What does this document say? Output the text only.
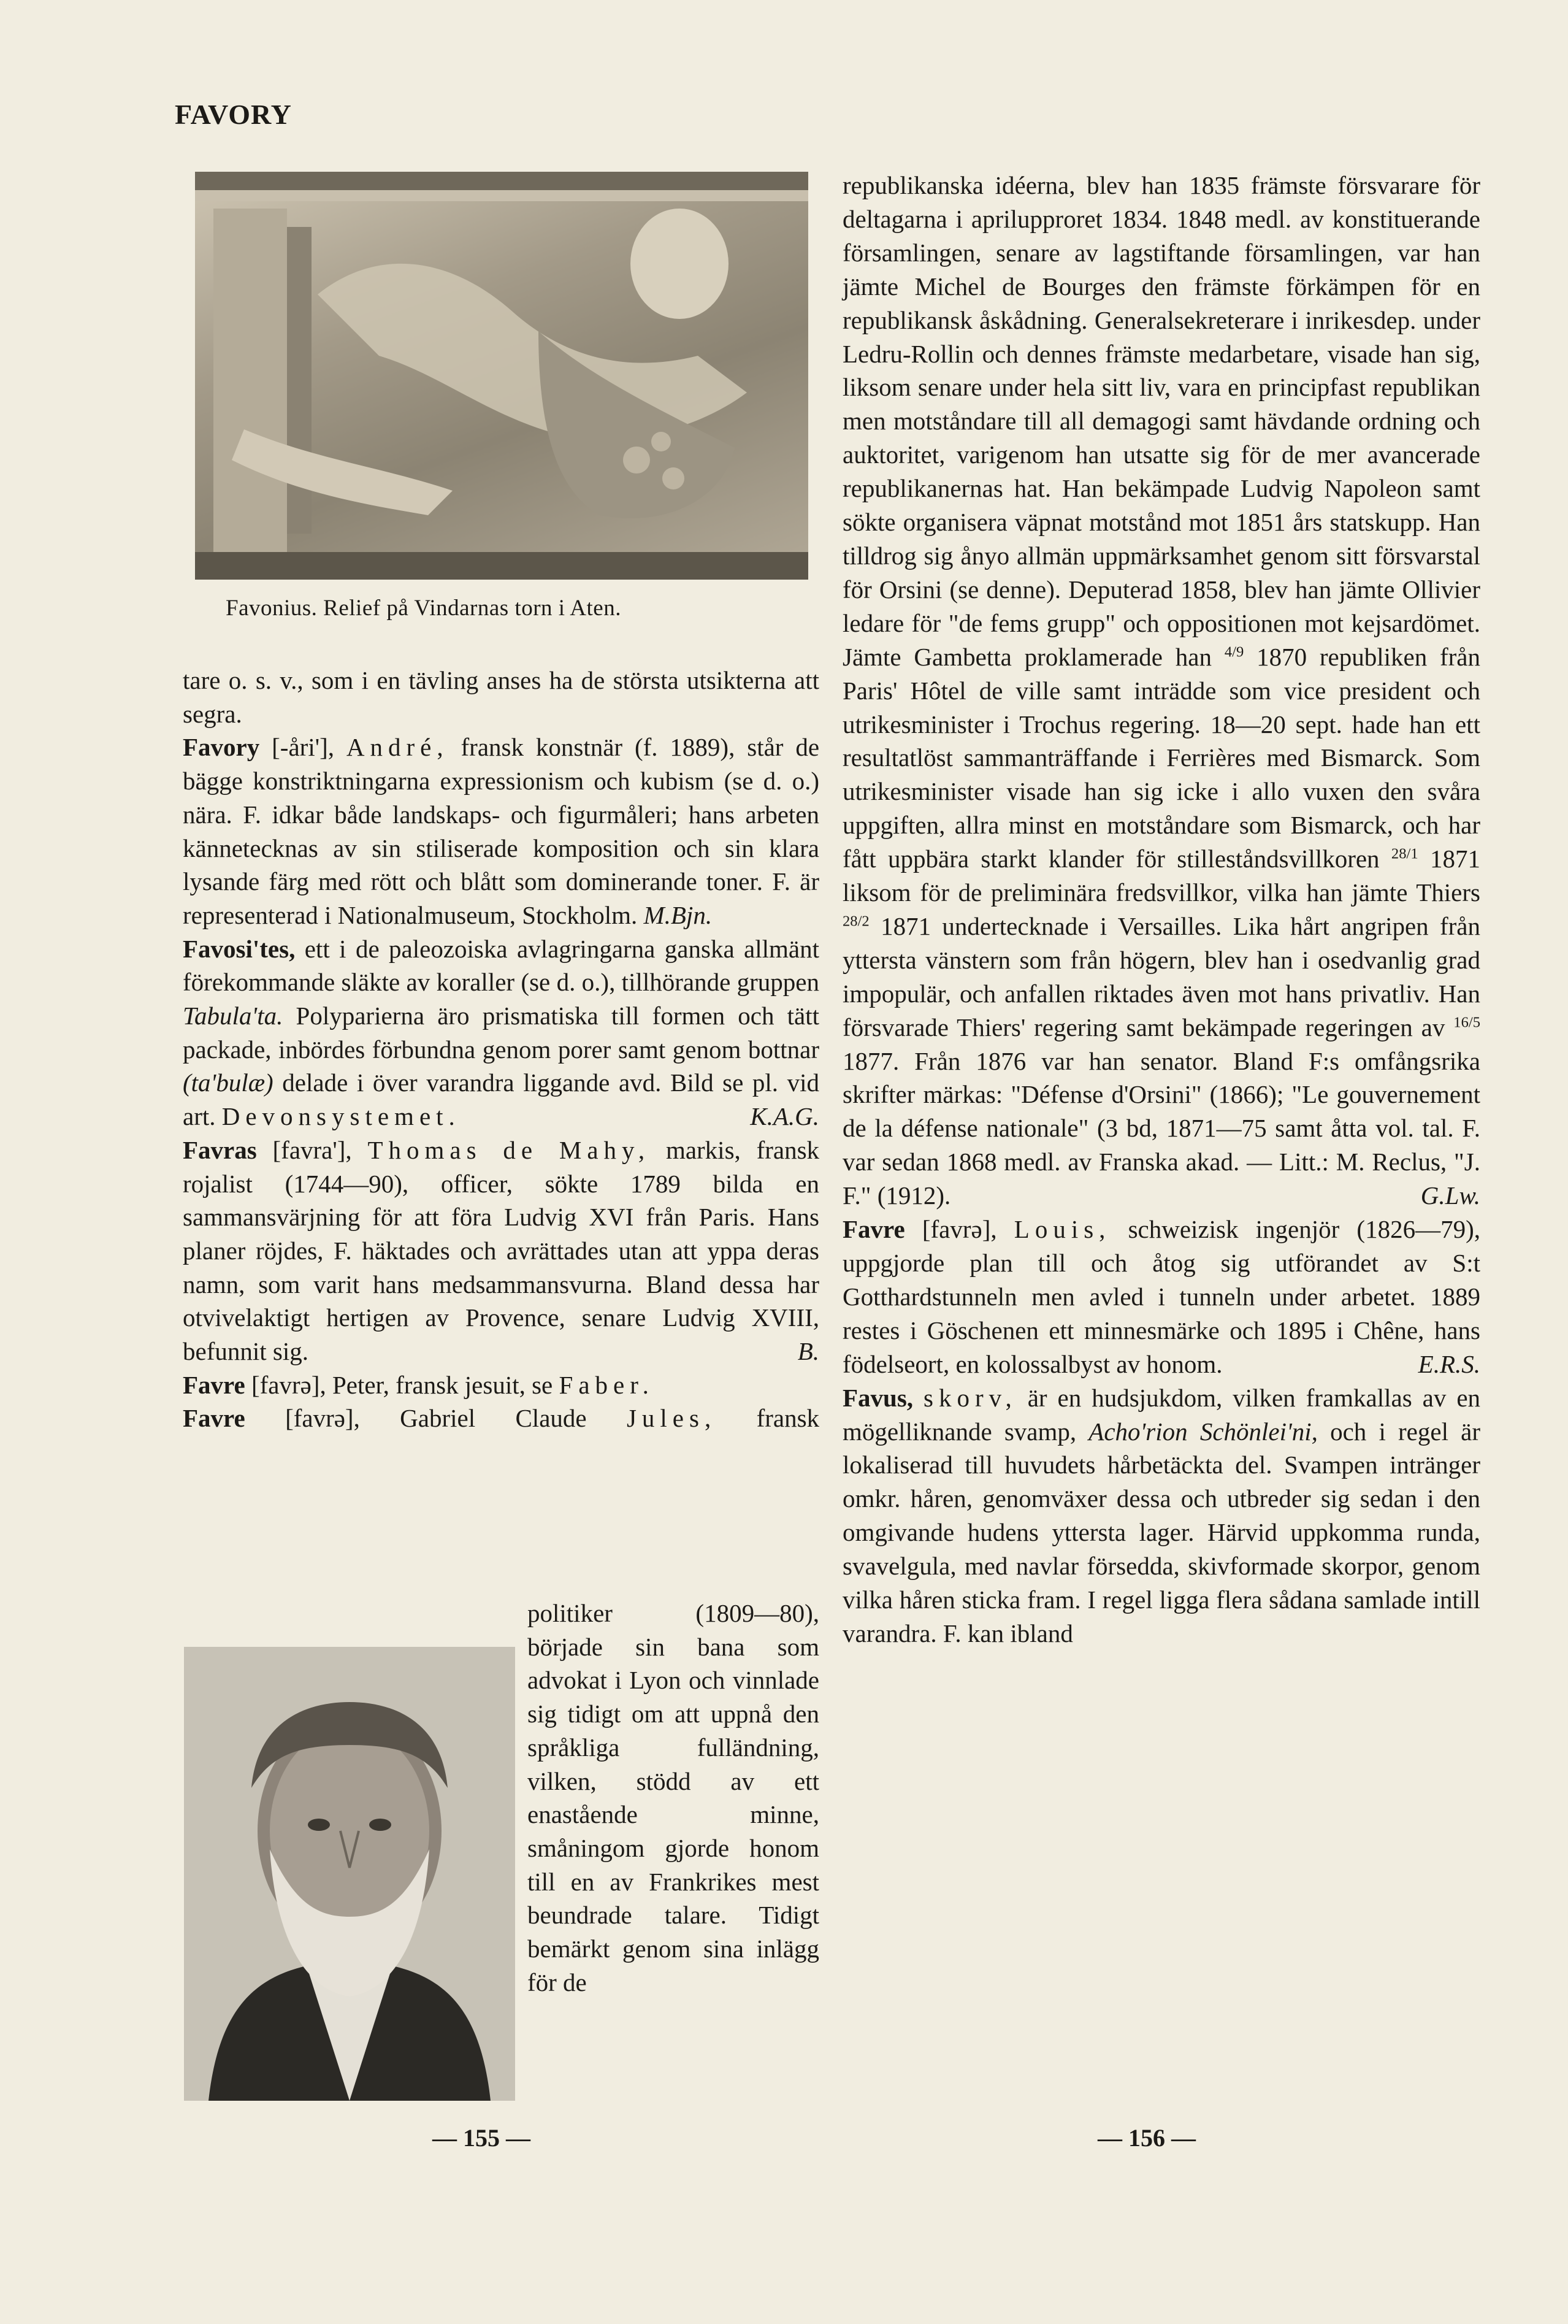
FAVORY
Favonius. Relief på Vindarnas torn i Aten.

tare o. s. v., som i en tävling anses ha de största utsikterna att segra.

Favory [-åri'], André, fransk konstnär (f. 1889), står de bägge konstriktningarna expressionism och kubism (se d. o.) nära. F. idkar både landskaps- och figurmåleri; hans arbeten kännetecknas av sin stiliserade komposition och sin klara lysande färg med rött och blått som dominerande toner. F. är representerad i Nationalmuseum, Stockholm. M.Bjn.

Favosi'tes, ett i de paleozoiska avlagringarna ganska allmänt förekommande släkte av koraller (se d. o.), tillhörande gruppen Tabula'ta. Polyparierna äro prismatiska till formen och tätt packade, inbördes förbundna genom porer samt genom bottnar (ta'bulæ) delade i över varandra liggande avd. Bild se pl. vid art. Devonsystemet.	K.A.G.

Favras [favra'], Thomas de Mahy, markis, fransk rojalist (1744—90), officer, sökte 1789 bilda en sammansvärjning för att föra Ludvig XVI från Paris. Hans planer röjdes, F. häktades och avrättades utan att yppa deras namn, som varit hans medsammansvurna. Bland dessa har otvivelaktigt hertigen av Provence, senare Ludvig XVIII, befunnit sig.	B.

Favre [favrə], Peter, fransk jesuit, se Faber.

Favre [favrə], Gabriel Claude Jules, fransk

politiker (1809—80), började sin bana som advokat i Lyon och vinnlade sig tidigt om att uppnå den språkliga fulländning, vilken, stödd av ett enastående minne, småningom gjorde honom till en av Frankrikes mest beundrade talare. Tidigt bemärkt genom sina inlägg för de

— 155 —

republikanska idéerna, blev han 1835 främste försvarare för deltagarna i aprilupproret 1834. 1848 medl. av konstituerande församlingen, senare av lagstiftande församlingen, var han jämte Michel de Bourges den främste förkämpen för en republikansk åskådning. Generalsekreterare i inrikesdep. under Ledru-Rollin och dennes främste medarbetare, visade han sig, liksom senare under hela sitt liv, vara en principfast republikan men motståndare till all demagogi samt hävdande ordning och auktoritet, varigenom han utsatte sig för de mer avancerade republikanernas hat. Han bekämpade Ludvig Napoleon samt sökte organisera väpnat motstånd mot 1851 års statskupp. Han tilldrog sig ånyo allmän uppmärksamhet genom sitt försvarstal för Orsini (se denne). Deputerad 1858, blev han jämte Ollivier ledare för "de fems grupp" och oppositionen mot kejsardömet. Jämte Gambetta proklamerade han $^{4/9}$ 1870 republiken från Paris' Hôtel de ville samt inträdde som vice president och utrikesminister i Trochus regering. 18—20 sept. hade han ett resultatlöst sammanträffande i Ferrières med Bismarck. Som utrikesminister visade han sig icke i allo vuxen den svåra uppgiften, allra minst en motståndare som Bismarck, och har fått uppbära starkt klander för stilleståndsvillkoren $^{28/1}$ 1871 liksom för de preliminära fredsvillkor, vilka han jämte Thiers $^{28/2}$ 1871 undertecknade i Versailles. Lika hårt angripen från yttersta vänstern som från högern, blev han i osedvanlig grad impopulär, och anfallen riktades även mot hans privatliv. Han försvarade Thiers' regering samt bekämpade regeringen av $^{16/5}$ 1877. Från 1876 var han senator. Bland F:s omfångsrika skrifter märkas: "Défense d'Orsini" (1866); "Le gouvernement de la défense nationale" (3 bd, 1871—75 samt åtta vol. tal. F. var sedan 1868 medl. av Franska akad. — Litt.: M. Reclus, "J. F." (1912).	G.Lw.

Favre [favrə], Louis, schweizisk ingenjör (1826—79), uppgjorde plan till och åtog sig utförandet av S:t Gotthardstunneln men avled i tunneln under arbetet. 1889 restes i Göschenen ett minnesmärke och 1895 i Chêne, hans födelseort, en kolossalbyst av honom.	E.R.S.

Favus, skorv, är en hudsjukdom, vilken framkallas av en mögelliknande svamp, Acho'rion Schönlei'ni, och i regel är lokaliserad till huvudets hårbetäckta del. Svampen intränger omkr. håren, genomväxer dessa och utbreder sig sedan i den omgivande hudens yttersta lager. Härvid uppkomma runda, svavelgula, med navlar försedda, skivformade skorpor, genom vilka håren sticka fram. I regel ligga flera sådana samlade intill varandra. F. kan ibland

— 156 —
